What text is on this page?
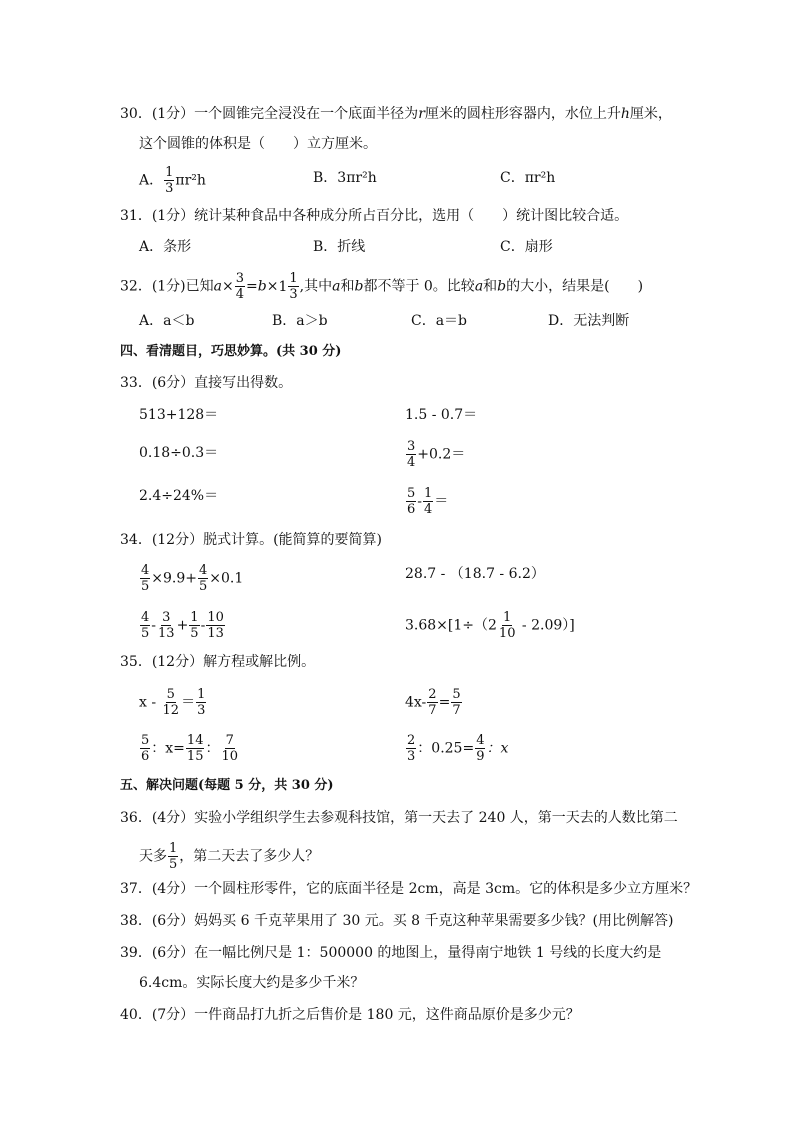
30．(1分）一个圆锥完全浸没在一个底面半径为r厘米的圆柱形容器内，水位上升h厘米，
这个圆锥的体积是（　　）立方厘米。
A． $\frac{1}{3} \pi r^2h$	B．3πr²h	C．πr²h
31．(1分）统计某种食品中各种成分所占百分比，选用（　　）统计图比较合适。
A．条形	B．折线	C．扇形
32．(1分)已知$a\times \frac{3}{4} =b\times 1$ 1
3 ,其中a和b都不等于 0。比较a和b的大小，结果是(　　)
A．a＜b	B．a＞b	C．a＝b	D．无法判断
四、看清题目，巧思妙算。(共 30 分)
33．(6分）直接写出得数。
513+128＝	1.5 - 0.7＝
0.18÷0.3＝	$\frac{3}{4} +0.2=$
2.4÷24%＝	$\frac{5}{6} - \frac{1}{4}$ ＝
34．(12分）脱式计算。(能简算的要简算)
$\frac{4}{5} \times 9.9+ \frac{4}{5} \times 0.1$	28.7 - （18.7 - 6.2）
$\frac{4}{5} - \frac{3}{13} + \frac{1}{5} - \frac{10}{13}$	$3.68\times[1\div(2 \frac{1}{10} - 2.09)]$
35．(12分）解方程或解比例。
$x - \frac{5}{12} = \frac{1}{3}$	$4x- \frac{2}{7} = \frac{5}{7}$
$\frac{5}{6}$ ：$x= \frac{14}{15}$ ： $\frac{7}{10}$	$\frac{2}{3}$ ：$0.25= \frac{4}{9}$ ：x
五、解决问题(每题 5 分，共 30 分)
36．(4分）实验小学组织学生去参观科技馆，第一天去了 240 人，第一天去的人数比第二
天多 $\frac{1}{5}$ ，第二天去了多少人？
37．(4分）一个圆柱形零件，它的底面半径是 2cm，高是 3cm。它的体积是多少立方厘米？
38．(6分）妈妈买 6 千克苹果用了 30 元。买 8 千克这种苹果需要多少钱？(用比例解答)
39．(6分）在一幅比例尺是 1：500000 的地图上，量得南宁地铁 1 号线的长度大约是
6.4cm。实际长度大约是多少千米？
40．(7分）一件商品打九折之后售价是 180 元，这件商品原价是多少元？
